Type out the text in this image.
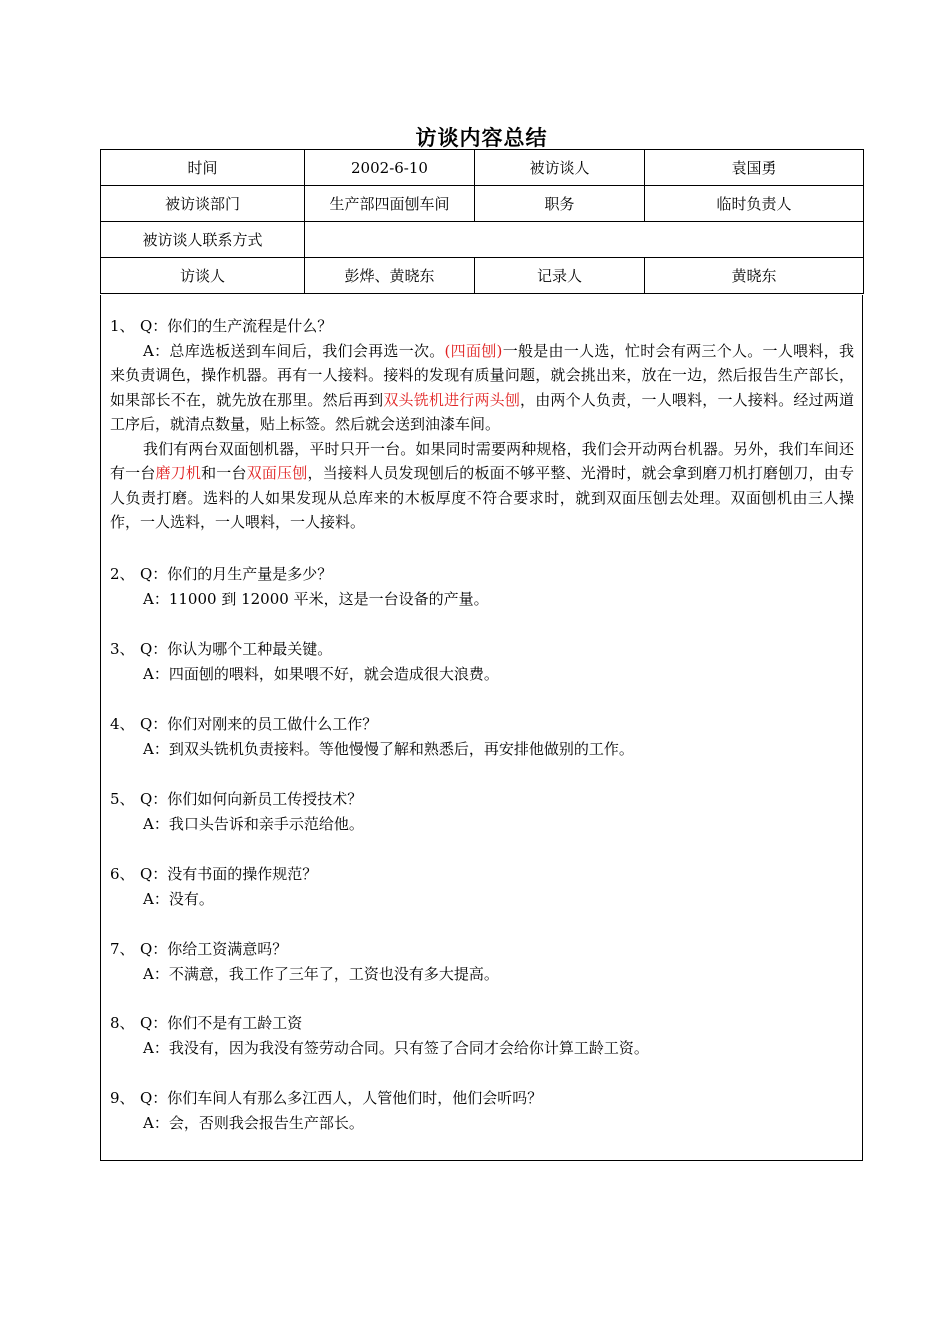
访谈内容总结
时间	2002-6-10	被访谈人	袁国勇
被访谈部门	生产部四面刨车间	职务	临时负责人
被访谈人联系方式			
访谈人	彭烨、黄晓东	记录人	黄晓东
1、 Q：你们的生产流程是什么？
A：总库选板送到车间后，我们会再选一次。(四面刨)一般是由一人选，忙时会有两三个人。一人喂料，我来负责调色，操作机器。再有一人接料。接料的发现有质量问题，就会挑出来，放在一边，然后报告生产部长，如果部长不在，就先放在那里。然后再到双头铣机进行两头刨，由两个人负责，一人喂料，一人接料。经过两道工序后，就清点数量，贴上标签。然后就会送到油漆车间。
我们有两台双面刨机器，平时只开一台。如果同时需要两种规格，我们会开动两台机器。另外，我们车间还有一台磨刀机和一台双面压刨，当接料人员发现刨后的板面不够平整、光滑时，就会拿到磨刀机打磨刨刀，由专人负责打磨。选料的人如果发现从总库来的木板厚度不符合要求时，就到双面压刨去处理。双面刨机由三人操作，一人选料，一人喂料，一人接料。
2、 Q：你们的月生产量是多少？
A：11000 到 12000 平米，这是一台设备的产量。
3、 Q：你认为哪个工种最关键。
A：四面刨的喂料，如果喂不好，就会造成很大浪费。
4、 Q：你们对刚来的员工做什么工作？
A：到双头铣机负责接料。等他慢慢了解和熟悉后，再安排他做别的工作。
5、 Q：你们如何向新员工传授技术？
A：我口头告诉和亲手示范给他。
6、 Q：没有书面的操作规范？
A：没有。
7、 Q：你给工资满意吗？
A：不满意，我工作了三年了，工资也没有多大提高。
8、 Q：你们不是有工龄工资
A：我没有，因为我没有签劳动合同。只有签了合同才会给你计算工龄工资。
9、 Q：你们车间人有那么多江西人，人管他们时，他们会听吗？
A：会，否则我会报告生产部长。
